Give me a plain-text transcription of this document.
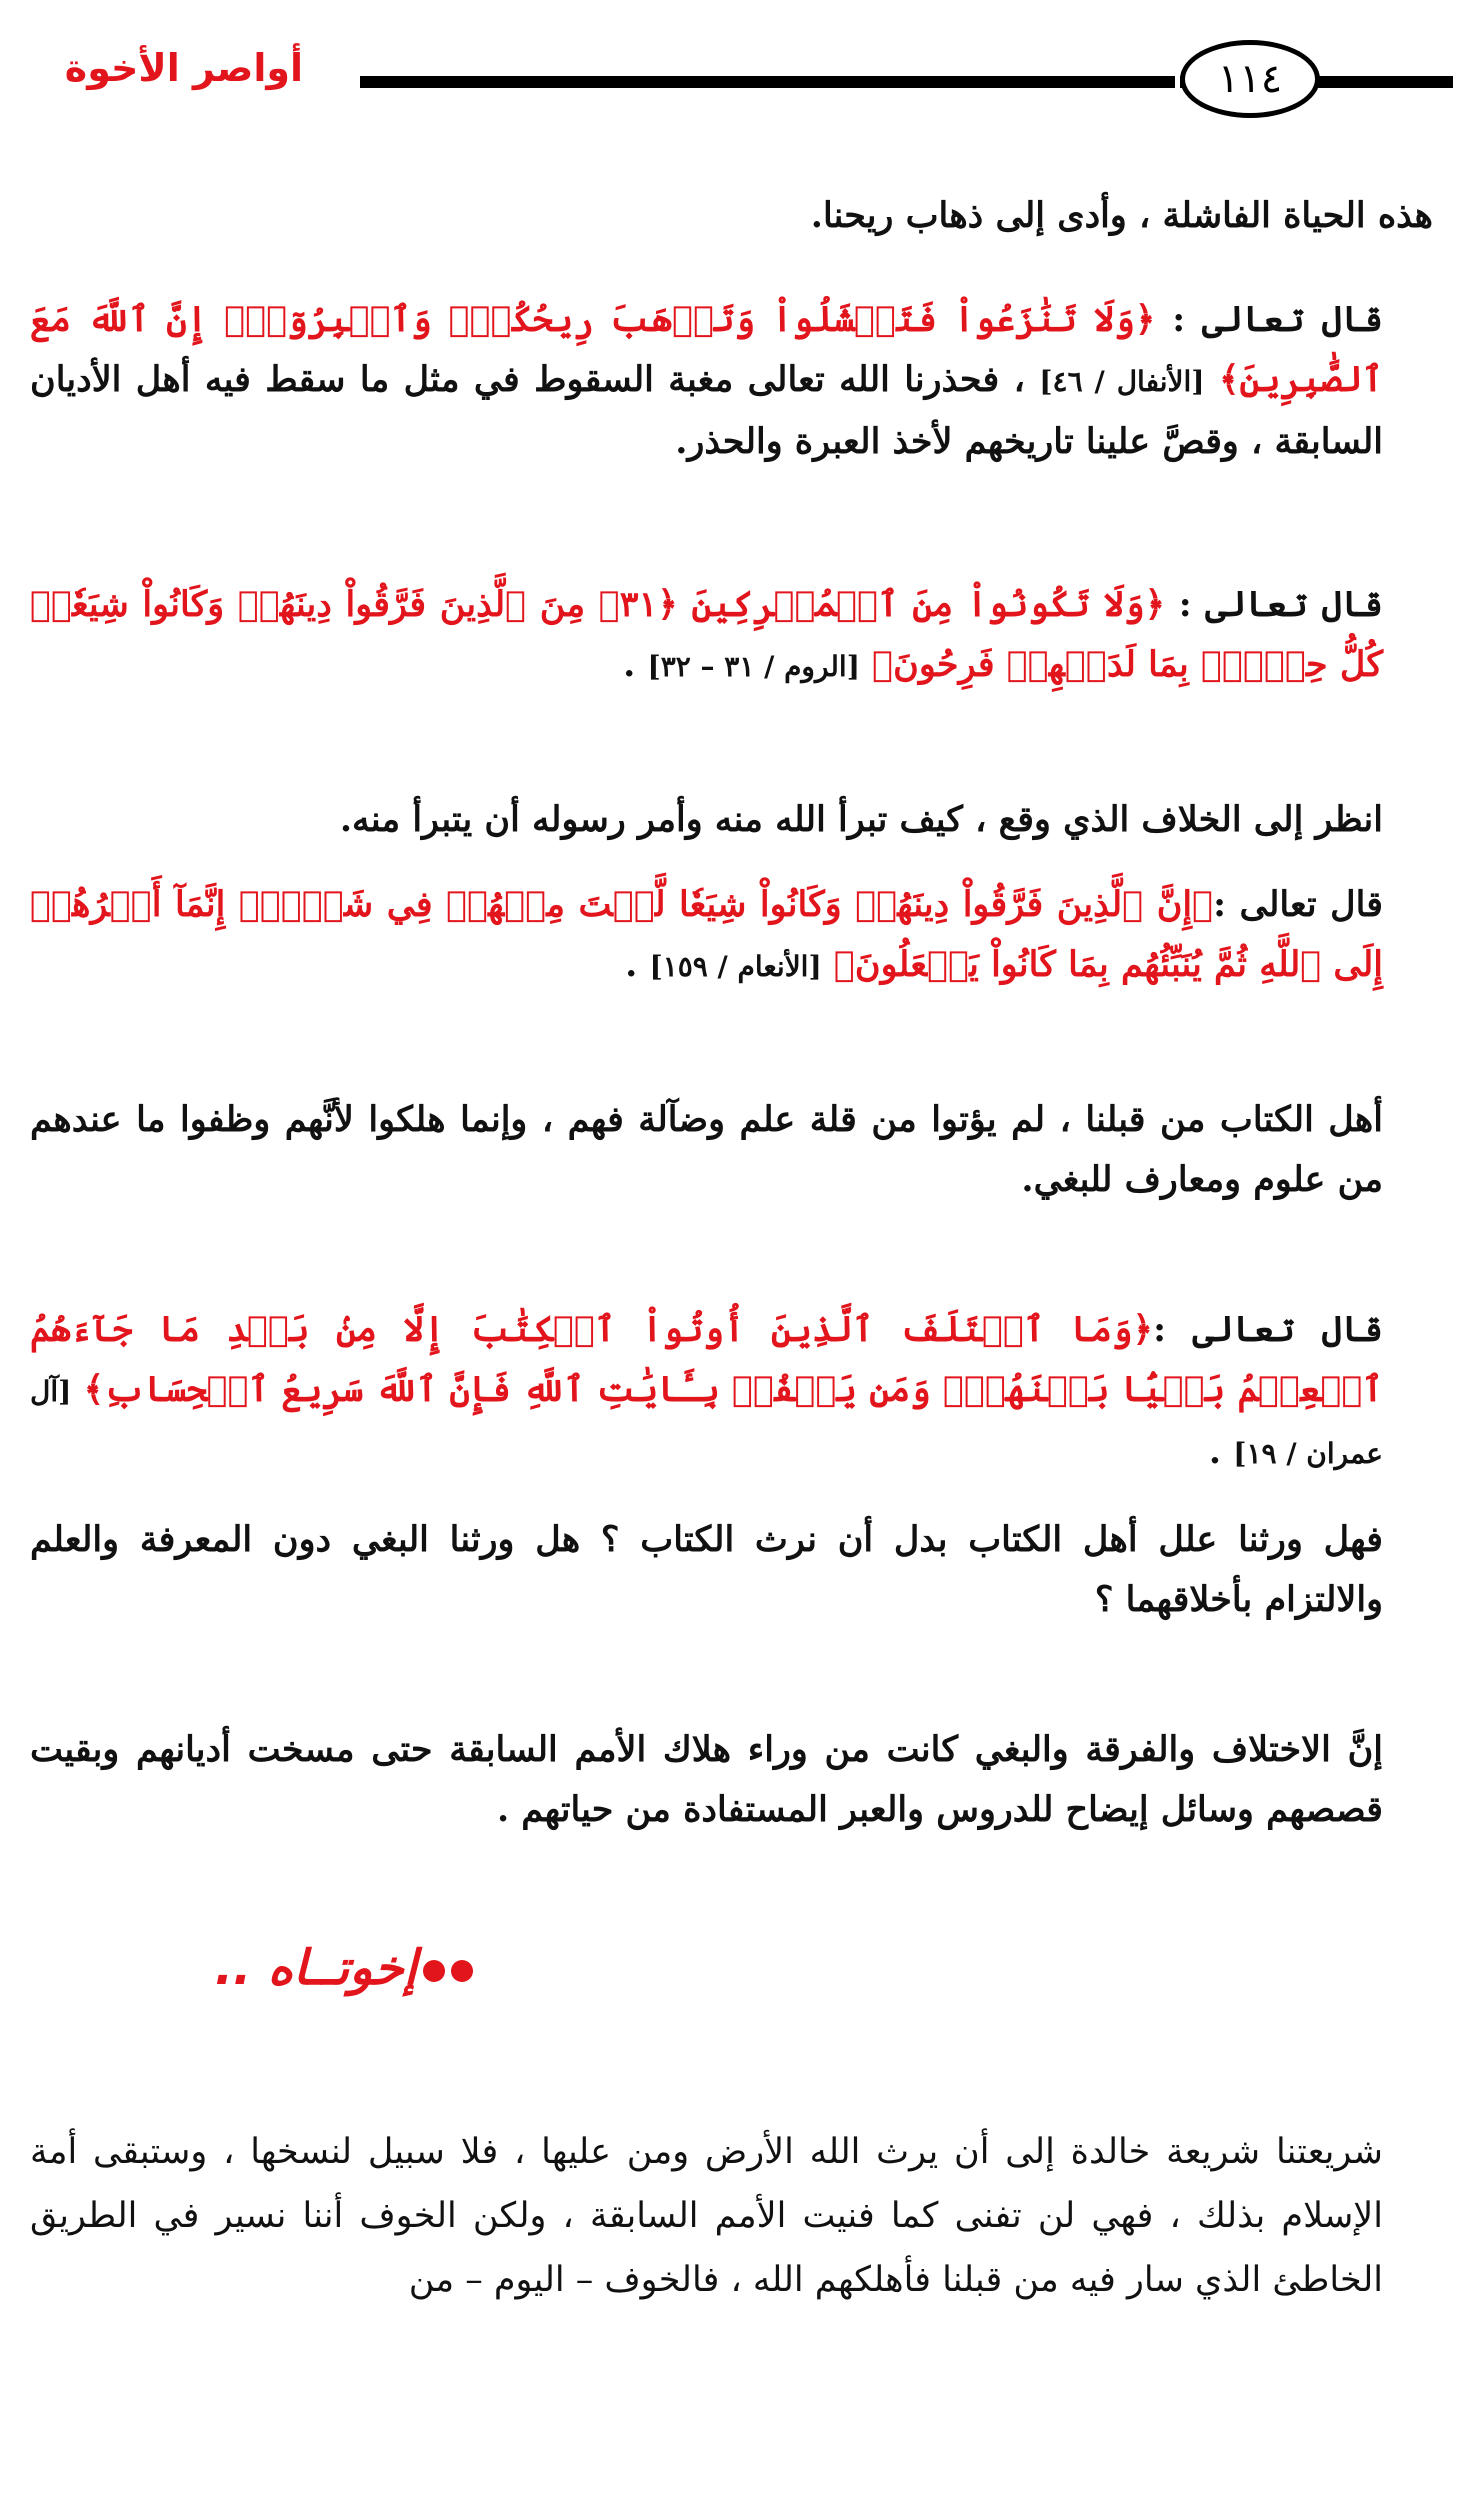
أواصر الأخوة	١١٤
هذه الحياة الفاشلة ، وأدى إلى ذهاب ريحنا.
قال تعالى : ﴿وَلَا تَنَٰزَعُواْ فَتَفۡشَلُواْ وَتَذۡهَبَ رِيحُكُمۡۖ وَٱصۡبِرُوٓاْۚ إِنَّ ٱللَّهَ مَعَ ٱلصَّٰبِرِينَ﴾ [الأنفال / ٤٦] ، فحذرنا الله تعالى مغبة السقوط في مثل ما سقط فيه أهل الأديان السابقة ، وقصَّ علينا تاريخهم لأخذ العبرة والحذر.
قال تعالى : ﴿وَلَا تَكُونُواْ مِنَ ٱلۡمُشۡرِكِينَ ﴿٣١﴾ مِنَ ٱلَّذِينَ فَرَّقُواْ دِينَهُمۡ وَكَانُواْ شِيَعٗاۖ كُلُّ حِزۡبِۭ بِمَا لَدَيۡهِمۡ فَرِحُونَ﴾ [الروم / ٣١ – ٣٢] .
انظر إلى الخلاف الذي وقع ، كيف تبرأ الله منه وأمر رسوله أن يتبرأ منه.
قال تعالى :﴿إِنَّ ٱلَّذِينَ فَرَّقُواْ دِينَهُمۡ وَكَانُواْ شِيَعٗا لَّسۡتَ مِنۡهُمۡ فِي شَيۡءٍۚ إِنَّمَآ أَمۡرُهُمۡ إِلَى ٱللَّهِ ثُمَّ يُنَبِّئُهُم بِمَا كَانُواْ يَفۡعَلُونَ﴾ [الأنعام / ١٥٩] .
أهل الكتاب من قبلنا ، لم يؤتوا من قلة علم وضآلة فهم ، وإنما هلكوا لأنَّهم وظفوا ما عندهم من علوم ومعارف للبغي.
قال تعالى :﴿وَمَا ٱخۡتَلَفَ ٱلَّذِينَ أُوتُواْ ٱلۡكِتَٰبَ إِلَّا مِنۢ بَعۡدِ مَا جَآءَهُمُ ٱلۡعِلۡمُ بَغۡيَۢا بَيۡنَهُمۡۗ وَمَن يَكۡفُرۡ بِـَٔايَٰتِ ٱللَّهِ فَإِنَّ ٱللَّهَ سَرِيعُ ٱلۡحِسَابِ﴾ [آل عمران / ١٩] .
فهل ورثنا علل أهل الكتاب بدل أن نرث الكتاب ؟ هل ورثنا البغي دون المعرفة والعلم والالتزام بأخلاقهما ؟
إنَّ الاختلاف والفرقة والبغي كانت من وراء هلاك الأمم السابقة حتى مسخت أديانهم وبقيت قصصهم وسائل إيضاح للدروس والعبر المستفادة من حياتهم .
إخوتــاه ..
شريعتنا شريعة خالدة إلى أن يرث الله الأرض ومن عليها ، فلا سبيل لنسخها ، وستبقى أمة الإسلام بذلك ، فهي لن تفنى كما فنيت الأمم السابقة ، ولكن الخوف أننا نسير في الطريق الخاطئ الذي سار فيه من قبلنا فأهلكهم الله ، فالخوف – اليوم – من
